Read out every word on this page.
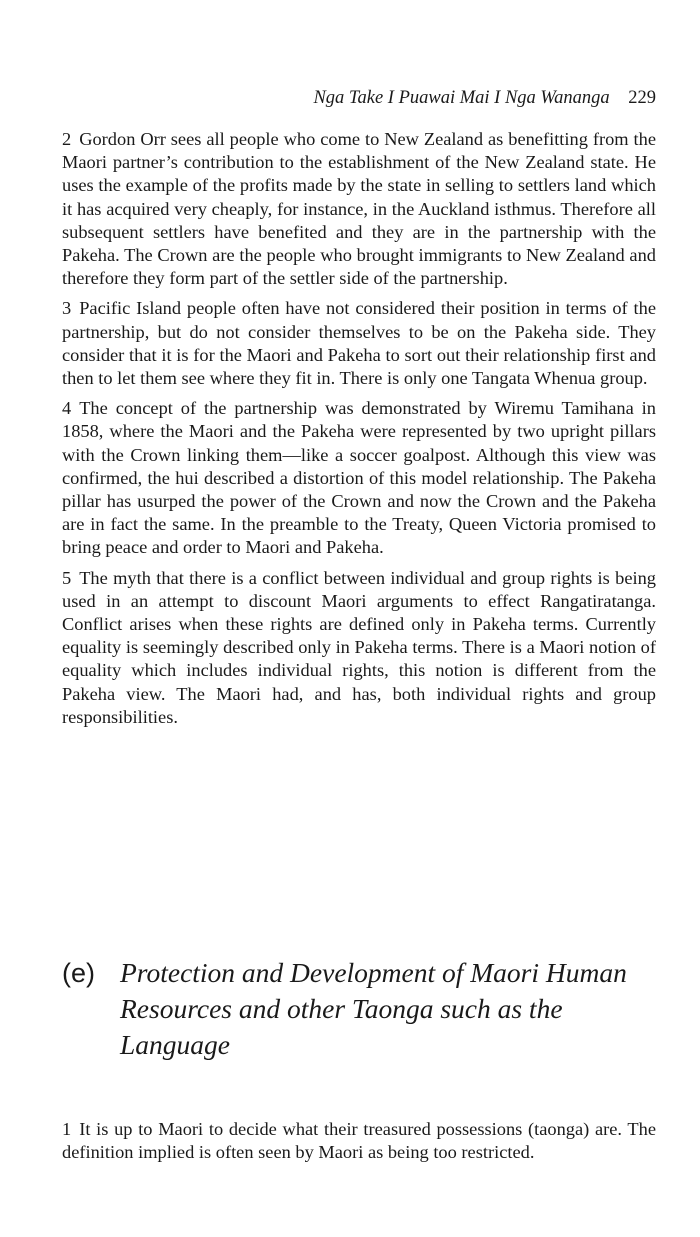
Nga Take I Puawai Mai I Nga Wananga 229

2 Gordon Orr sees all people who come to New Zealand as benefitting from the Maori partner’s contribution to the establishment of the New Zealand state. He uses the example of the profits made by the state in selling to settlers land which it has acquired very cheaply, for instance, in the Auckland isthmus. Therefore all subsequent settlers have benefited and they are in the partnership with the Pakeha. The Crown are the people who brought immigrants to New Zealand and therefore they form part of the settler side of the partnership.

3 Pacific Island people often have not considered their position in terms of the partnership, but do not consider themselves to be on the Pakeha side. They consider that it is for the Maori and Pakeha to sort out their relationship first and then to let them see where they fit in. There is only one Tangata Whenua group.

4 The concept of the partnership was demonstrated by Wiremu Tamihana in 1858, where the Maori and the Pakeha were represented by two upright pillars with the Crown linking them—like a soccer goalpost. Although this view was confirmed, the hui described a distortion of this model relationship. The Pakeha pillar has usurped the power of the Crown and now the Crown and the Pakeha are in fact the same. In the preamble to the Treaty, Queen Victoria promised to bring peace and order to Maori and Pakeha.

5 The myth that there is a conflict between individual and group rights is being used in an attempt to discount Maori arguments to effect Rangatiratanga. Conflict arises when these rights are defined only in Pakeha terms. Currently equality is seemingly described only in Pakeha terms. There is a Maori notion of equality which includes individual rights, this notion is different from the Pakeha view. The Maori had, and has, both individual rights and group responsibilities.

(e) Protection and Development of Maori Human Resources and other Taonga such as the Language

1 It is up to Maori to decide what their treasured possessions (taonga) are. The definition implied is often seen by Maori as being too restricted.
